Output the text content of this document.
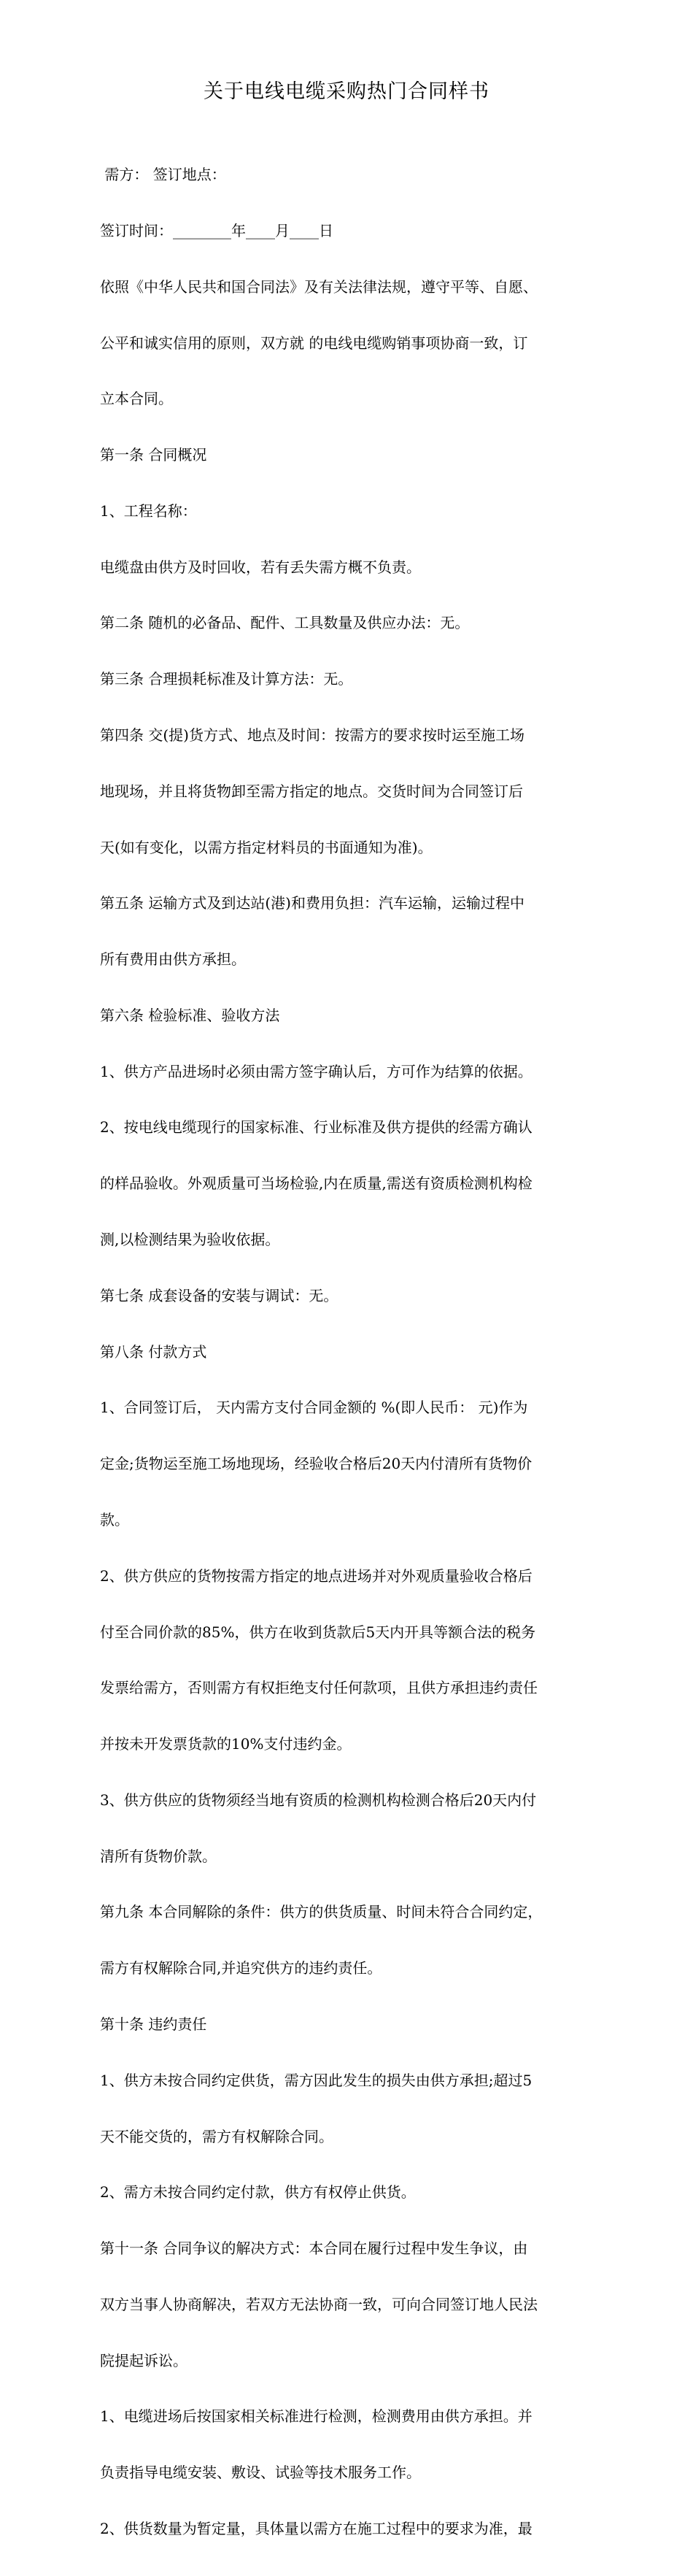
关于电线电缆采购热门合同样书

需方： 签订地点：

签订时间：________年____月____日

依照《中华人民共和国合同法》及有关法律法规，遵守平等、自愿、

公平和诚实信用的原则，双方就 的电线电缆购销事项协商一致，订

立本合同。

第一条 合同概况

1、工程名称：

电缆盘由供方及时回收，若有丢失需方概不负责。

第二条 随机的必备品、配件、工具数量及供应办法：无。

第三条 合理损耗标准及计算方法：无。

第四条 交(提)货方式、地点及时间：按需方的要求按时运至施工场

地现场，并且将货物卸至需方指定的地点。交货时间为合同签订后

天(如有变化，以需方指定材料员的书面通知为准)。

第五条 运输方式及到达站(港)和费用负担：汽车运输，运输过程中

所有费用由供方承担。

第六条 检验标准、验收方法

1、供方产品进场时必须由需方签字确认后，方可作为结算的依据。

2、按电线电缆现行的国家标准、行业标准及供方提供的经需方确认

的样品验收。外观质量可当场检验,内在质量,需送有资质检测机构检

测,以检测结果为验收依据。

第七条 成套设备的安装与调试：无。

第八条 付款方式

1、合同签订后， 天内需方支付合同金额的 %(即人民币： 元)作为

定金;货物运至施工场地现场，经验收合格后20天内付清所有货物价

款。

2、供方供应的货物按需方指定的地点进场并对外观质量验收合格后

付至合同价款的85%，供方在收到货款后5天内开具等额合法的税务

发票给需方，否则需方有权拒绝支付任何款项，且供方承担违约责任

并按未开发票货款的10%支付违约金。

3、供方供应的货物须经当地有资质的检测机构检测合格后20天内付

清所有货物价款。

第九条 本合同解除的条件：供方的供货质量、时间未符合合同约定，

需方有权解除合同,并追究供方的违约责任。

第十条 违约责任

1、供方未按合同约定供货，需方因此发生的损失由供方承担;超过5

天不能交货的，需方有权解除合同。

2、需方未按合同约定付款，供方有权停止供货。

第十一条 合同争议的解决方式：本合同在履行过程中发生争议，由

双方当事人协商解决，若双方无法协商一致，可向合同签订地人民法

院提起诉讼。

1、电缆进场后按国家相关标准进行检测，检测费用由供方承担。并

负责指导电缆安装、敷设、试验等技术服务工作。

2、供货数量为暂定量，具体量以需方在施工过程中的要求为准，最
